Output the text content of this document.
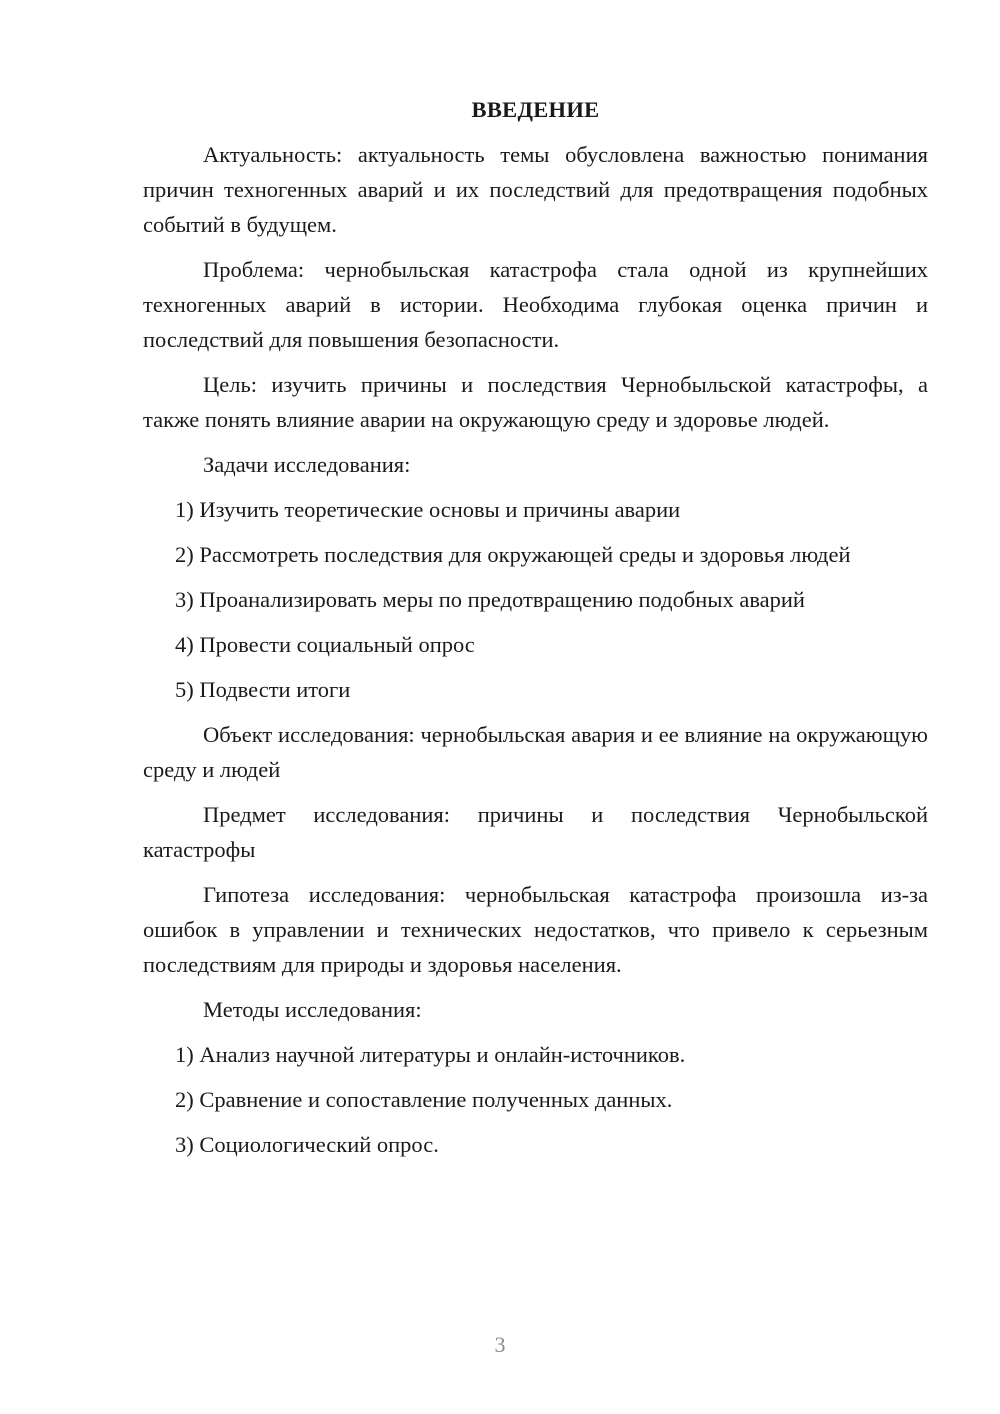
ВВЕДЕНИЕ

Актуальность: актуальность темы обусловлена важностью понимания причин техногенных аварий и их последствий для предотвращения подобных событий в будущем.

Проблема: чернобыльская катастрофа стала одной из крупнейших техногенных аварий в истории. Необходима глубокая оценка причин и последствий для повышения безопасности.

Цель: изучить причины и последствия Чернобыльской катастрофы, а также понять влияние аварии на окружающую среду и здоровье людей.

Задачи исследования:

1) Изучить теоретические основы и причины аварии
2) Рассмотреть последствия для окружающей среды и здоровья людей
3) Проанализировать меры по предотвращению подобных аварий
4) Провести социальный опрос
5) Подвести итоги

Объект исследования: чернобыльская авария и ее влияние на окружающую среду и людей

Предмет исследования: причины и последствия Чернобыльской катастрофы

Гипотеза исследования: чернобыльская катастрофа произошла из-за ошибок в управлении и технических недостатков, что привело к серьезным последствиям для природы и здоровья населения.

Методы исследования:

1) Анализ научной литературы и онлайн-источников.
2) Сравнение и сопоставление полученных данных.
3) Социологический опрос.
3
